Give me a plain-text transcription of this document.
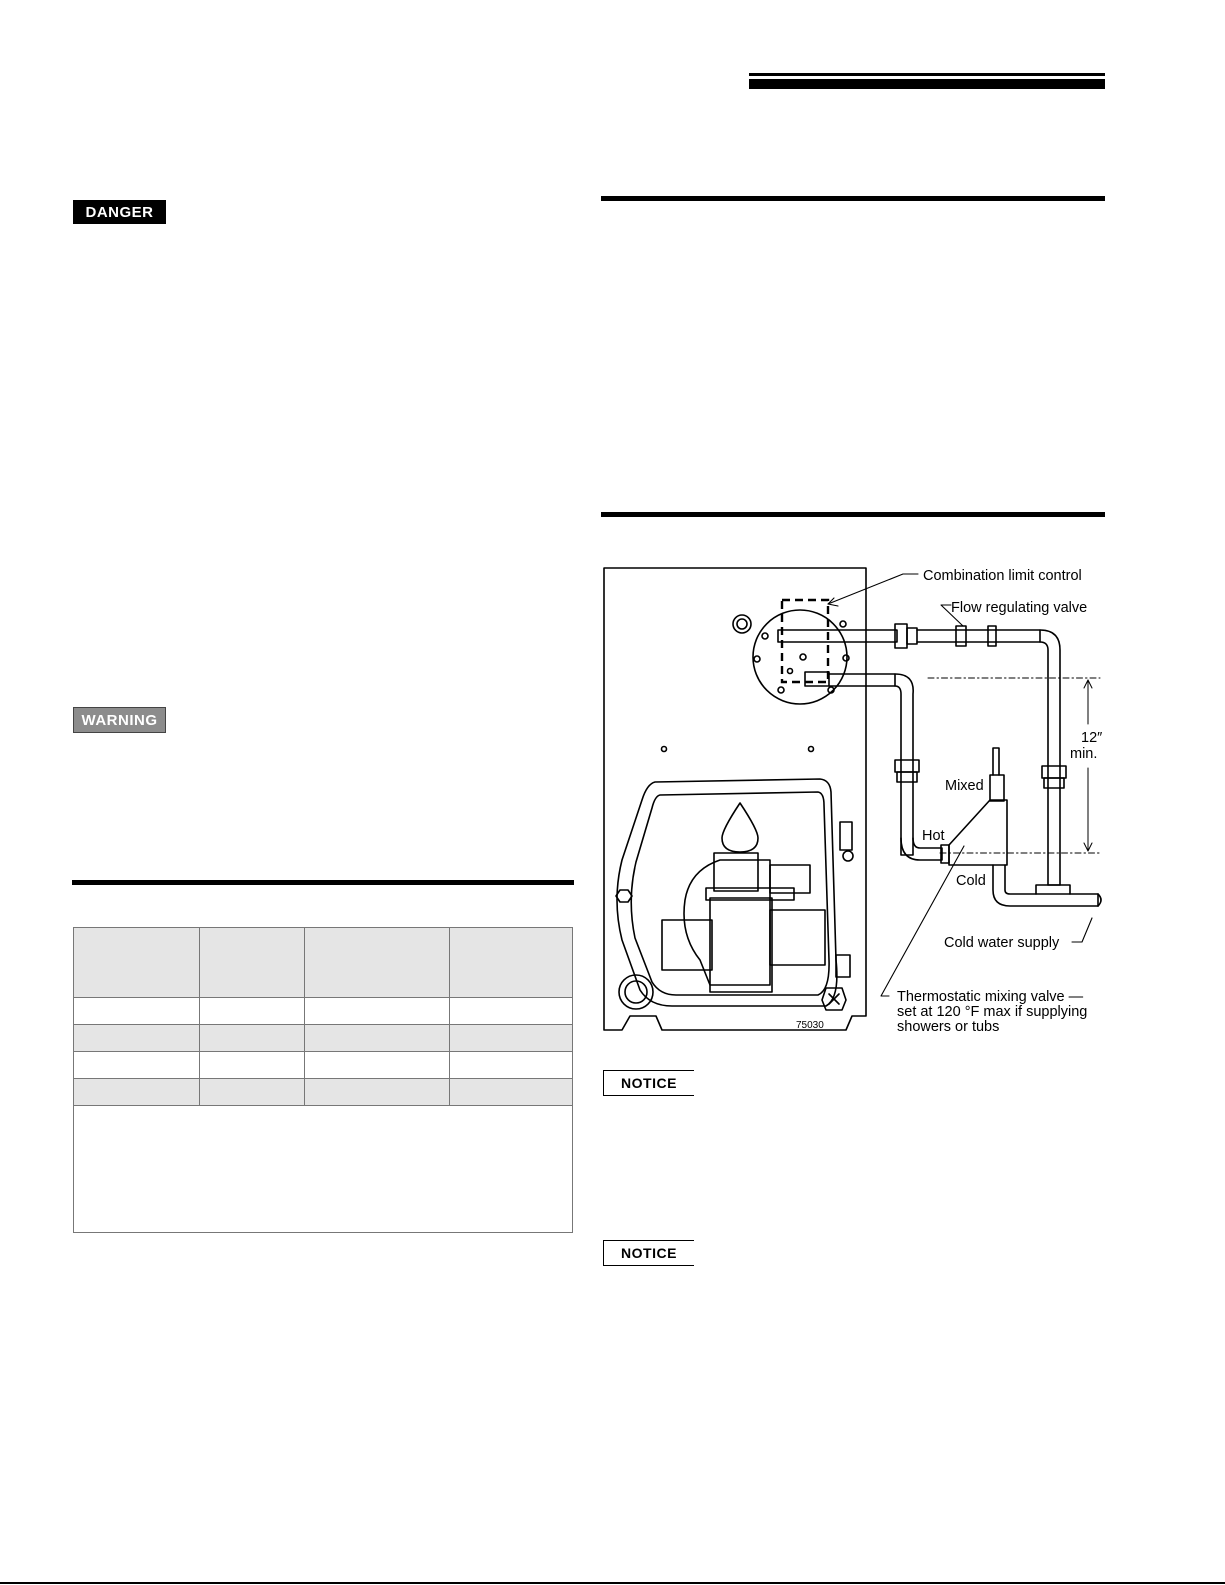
DANGER
WARNING

Combination limit control
Flow regulating valve
12″
min.
Mixed
Hot
Cold
Cold water supply
Thermostatic mixing valve —
set at 120 °F max if supplying
showers or tubs
75030
NOTICE
NOTICE
